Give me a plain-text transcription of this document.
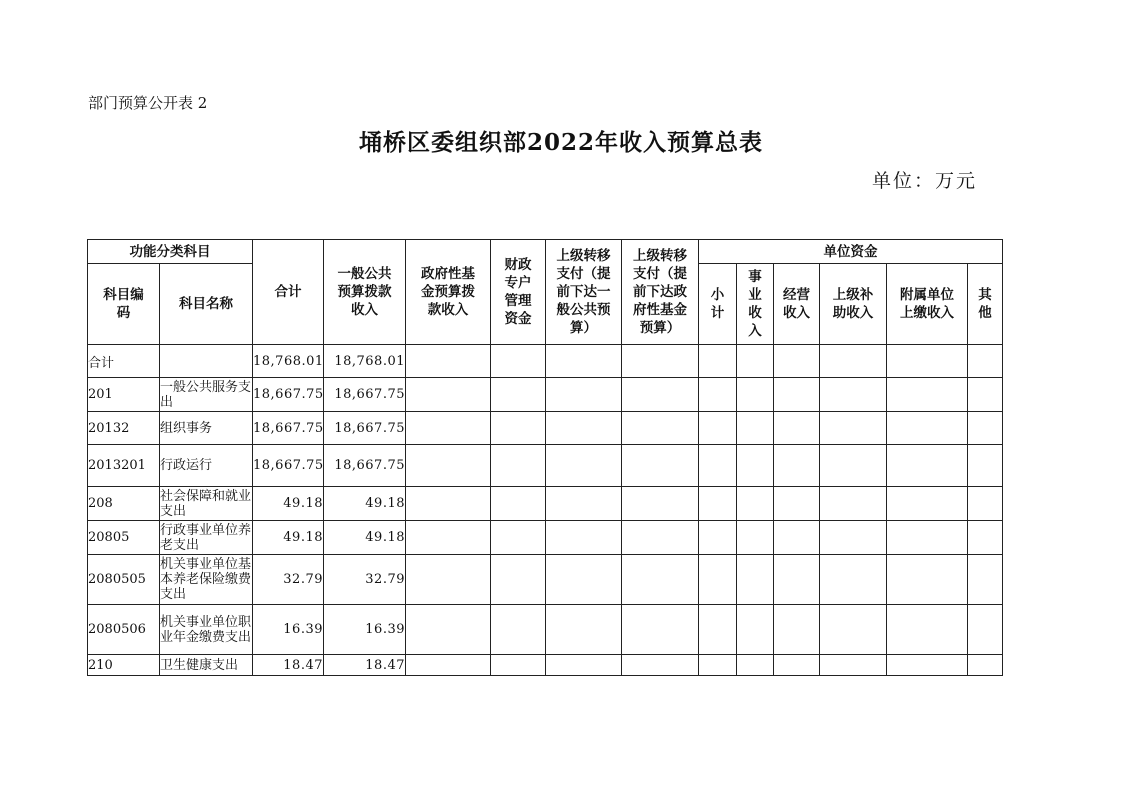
部门预算公开表 2
埇桥区委组织部2022年收入预算总表
单位：万元
功能分类科目		合计	一般公共预算拨款收入	政府性基金预算拨款收入	财政专户管理资金	上级转移支付（提前下达一般公共预算）	上级转移支付（提前下达政府性基金预算）	单位资金					
科目编码	科目名称							小计	事业收入	经营收入	上级补助收入	附属单位上缴收入	其他
合计		18,768.01	18,768.01										
201	一般公共服务支出	18,667.75	18,667.75										
20132	组织事务	18,667.75	18,667.75										
2013201	行政运行	18,667.75	18,667.75										
208	社会保障和就业支出	49.18	49.18										
20805	行政事业单位养老支出	49.18	49.18										
2080505	机关事业单位基本养老保险缴费支出	32.79	32.79										
2080506	机关事业单位职业年金缴费支出	16.39	16.39										
210	卫生健康支出	18.47	18.47										
